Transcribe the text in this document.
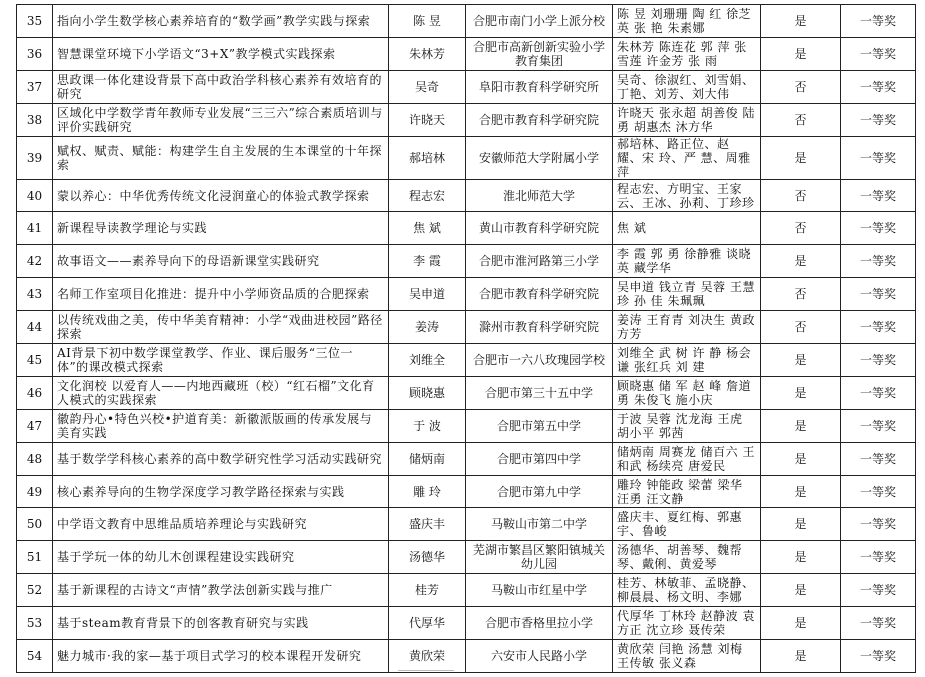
35	指向小学生数学核心素养培育的“数学画”教学实践与探索	陈 昱	合肥市南门小学上派分校	陈 昱 刘珊珊 陶 红 徐芝英 张 艳 朱素娜	是	一等奖
36	智慧课堂环境下小学语文“3+X”教学模式实践探索	朱林芳	合肥市高新创新实验小学教育集团	朱林芳 陈连花 郭 萍 张雪莲 许金芳 张 雨	是	一等奖
37	思政课一体化建设背景下高中政治学科核心素养有效培育的研究	吴奇	阜阳市教育科学研究所	吴奇、徐淑红、刘雪娟、丁艳、刘芳、刘大伟	否	一等奖
38	区域化中学数学青年教师专业发展“三三六”综合素质培训与评价实践研究	许晓天	合肥市教育科学研究院	许晓天 张永超 胡善俊 陆勇 胡惠杰 沐方华	否	一等奖
39	赋权、赋责、赋能：构建学生自主发展的生本课堂的十年探索	郝培林	安徽师范大学附属小学	郝培林、路正位、赵 耀、宋 玲、严 慧、周雅萍	是	一等奖
40	蒙以养心：中华优秀传统文化浸润童心的体验式教学探索	程志宏	淮北师范大学	程志宏、方明宝、王家云、王冰、孙莉、丁珍珍	否	一等奖
41	新课程导读教学理论与实践	焦 斌	黄山市教育科学研究院	焦 斌	否	一等奖
42	故事语文——素养导向下的母语新课堂实践研究	李 霞	合肥市淮河路第三小学	李 霞 郭 勇 徐静雅 谈晓英 藏学华	是	一等奖
43	名师工作室项目化推进：提升中小学师资品质的合肥探索	吴申道	合肥市教育科学研究院	吴申道 钱立青 吴蓉 王慧珍 孙 佳 朱珮珮	否	一等奖
44	以传统戏曲之美，传中华美育精神：小学“戏曲进校园”路径探索	姜涛	滁州市教育科学研究院	姜涛 王育青 刘决生 黄政方芳	否	一等奖
45	AI背景下初中数学课堂教学、作业、课后服务“三位一体”的课改模式探索	刘维全	合肥市一六八玫瑰园学校	刘维全 武 树 许 静 杨会谦 张红兵 刘 建	是	一等奖
46	文化润校 以爱育人——内地西藏班（校）“红石榴”文化育人模式的实践探索	顾晓惠	合肥市第三十五中学	顾晓惠 储 军 赵 峰 詹道勇 朱俊飞 施小庆	是	一等奖
47	徽韵丹心•特色兴校•护道育美：新徽派版画的传承发展与美育实践	于 波	合肥市第五中学	于波 吴蓉 沈龙海 王虎 胡小平 郭茜	是	一等奖
48	基于数学学科核心素养的高中数学研究性学习活动实践研究	储炳南	合肥市第四中学	储炳南 周赛龙 储百六 王和武 杨续亮 唐爱民	是	一等奖
49	核心素养导向的生物学深度学习教学路径探索与实践	雕 玲	合肥市第九中学	雕玲 钟能政 梁蕾 梁华 汪勇 汪文静	是	一等奖
50	中学语文教育中思维品质培养理论与实践研究	盛庆丰	马鞍山市第二中学	盛庆丰、夏红梅、郭惠宇、鲁峻	是	一等奖
51	基于学玩一体的幼儿木创课程建设实践研究	汤德华	芜湖市繁昌区繁阳镇城关幼儿园	汤德华、胡善琴、魏帮琴、戴俐、黄爱琴	是	一等奖
52	基于新课程的古诗文“声情”教学法创新实践与推广	桂芳	马鞍山市红星中学	桂芳、林敏菲、孟晓静、柳晨晨、杨文明、李娜	是	一等奖
53	基于steam教育背景下的创客教育研究与实践	代厚华	合肥市香格里拉小学	代厚华 丁林玲 赵静波 袁方正 沈立珍 聂传荣	是	一等奖
54	魅力城市·我的家—基于项目式学习的校本课程开发研究	黄欣荣	六安市人民路小学	黄欣荣 闫艳 汤慧 刘梅 王传敏 张义森	是	一等奖
